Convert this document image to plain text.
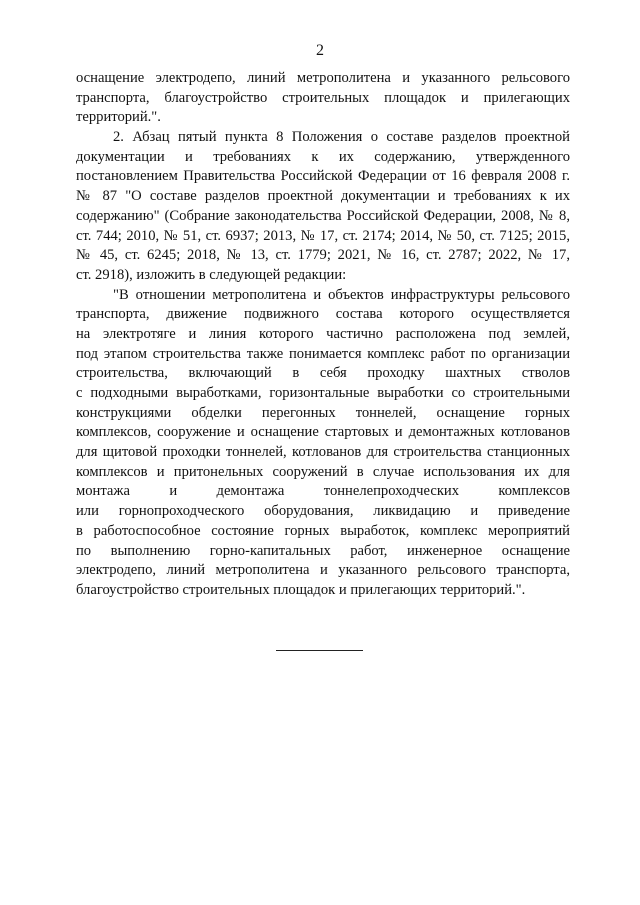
2
оснащение электродепо, линий метрополитена и указанного рельсового
транспорта, благоустройство строительных площадок и прилегающих
территорий.".
2. Абзац пятый пункта 8 Положения о составе разделов проектной
документации и требованиях к их содержанию, утвержденного
постановлением Правительства Российской Федерации от 16 февраля 2008 г.
№ 87 "О составе разделов проектной документации и требованиях к их
содержанию" (Собрание законодательства Российской Федерации, 2008, № 8,
ст. 744; 2010, № 51, ст. 6937; 2013, № 17, ст. 2174; 2014, № 50, ст. 7125; 2015,
№ 45, ст. 6245; 2018, № 13, ст. 1779; 2021, № 16, ст. 2787; 2022, № 17,
ст. 2918), изложить в следующей редакции:
"В отношении метрополитена и объектов инфраструктуры рельсового
транспорта, движение подвижного состава которого осуществляется
на электротяге и линия которого частично расположена под землей,
под этапом строительства также понимается комплекс работ по организации
строительства, включающий в себя проходку шахтных стволов
с подходными выработками, горизонтальные выработки со строительными
конструкциями обделки перегонных тоннелей, оснащение горных
комплексов, сооружение и оснащение стартовых и демонтажных котлованов
для щитовой проходки тоннелей, котлованов для строительства станционных
комплексов и притонельных сооружений в случае использования их для
монтажа и демонтажа тоннелепроходческих комплексов
или горнопроходческого оборудования, ликвидацию и приведение
в работоспособное состояние горных выработок, комплекс мероприятий
по выполнению горно-капитальных работ, инженерное оснащение
электродепо, линий метрополитена и указанного рельсового транспорта,
благоустройство строительных площадок и прилегающих территорий.".
